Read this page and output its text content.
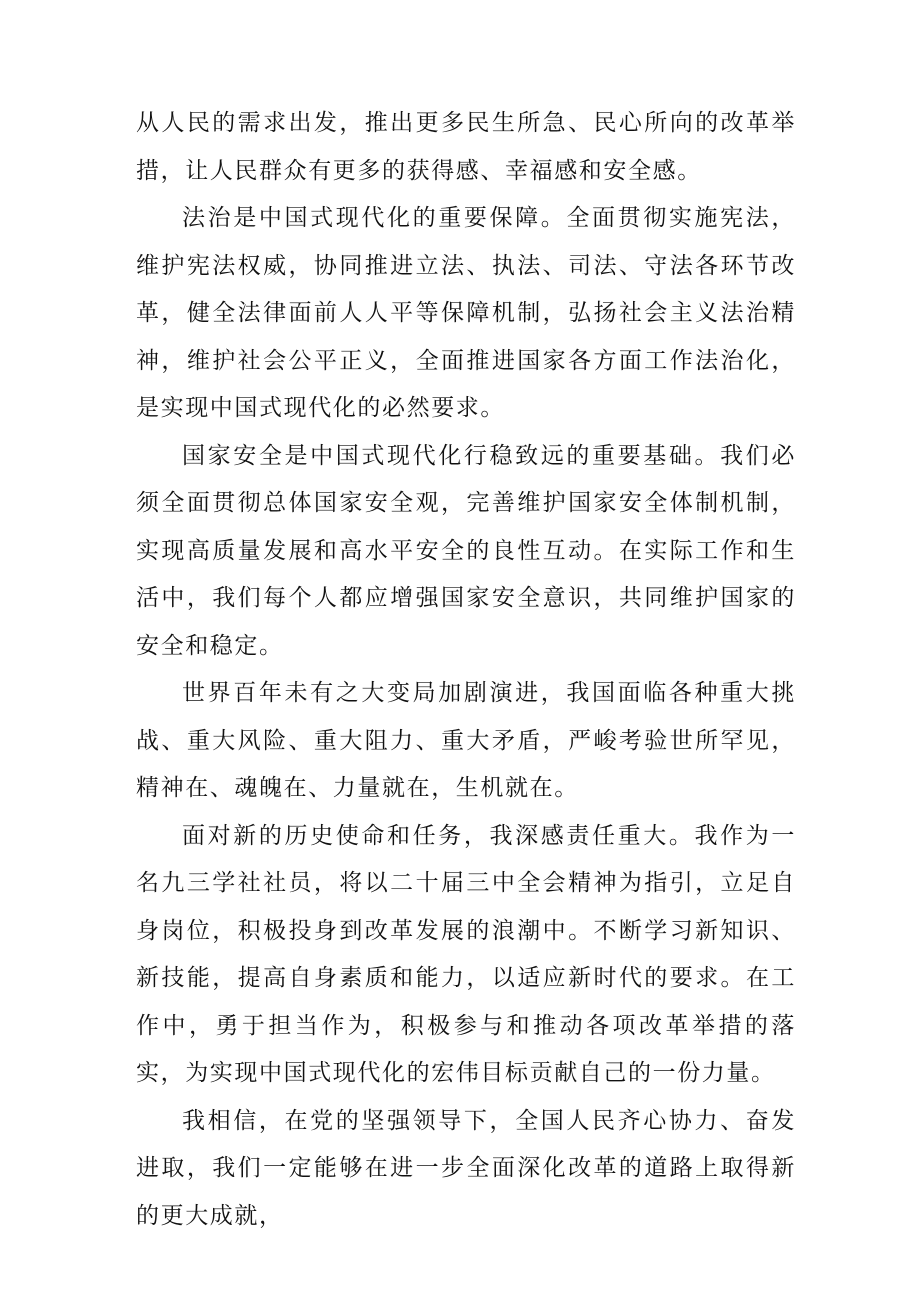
从人民的需求出发，推出更多民生所急、民心所向的改革举措，让人民群众有更多的获得感、幸福感和安全感。

法治是中国式现代化的重要保障。全面贯彻实施宪法，维护宪法权威，协同推进立法、执法、司法、守法各环节改革，健全法律面前人人平等保障机制，弘扬社会主义法治精神，维护社会公平正义，全面推进国家各方面工作法治化，是实现中国式现代化的必然要求。

国家安全是中国式现代化行稳致远的重要基础。我们必须全面贯彻总体国家安全观，完善维护国家安全体制机制，实现高质量发展和高水平安全的良性互动。在实际工作和生活中，我们每个人都应增强国家安全意识，共同维护国家的安全和稳定。

世界百年未有之大变局加剧演进，我国面临各种重大挑战、重大风险、重大阻力、重大矛盾，严峻考验世所罕见，精神在、魂魄在、力量就在，生机就在。

面对新的历史使命和任务，我深感责任重大。我作为一名九三学社社员，将以二十届三中全会精神为指引，立足自身岗位，积极投身到改革发展的浪潮中。不断学习新知识、新技能，提高自身素质和能力，以适应新时代的要求。在工作中，勇于担当作为，积极参与和推动各项改革举措的落实，为实现中国式现代化的宏伟目标贡献自己的一份力量。

我相信，在党的坚强领导下，全国人民齐心协力、奋发进取，我们一定能够在进一步全面深化改革的道路上取得新的更大成就，
